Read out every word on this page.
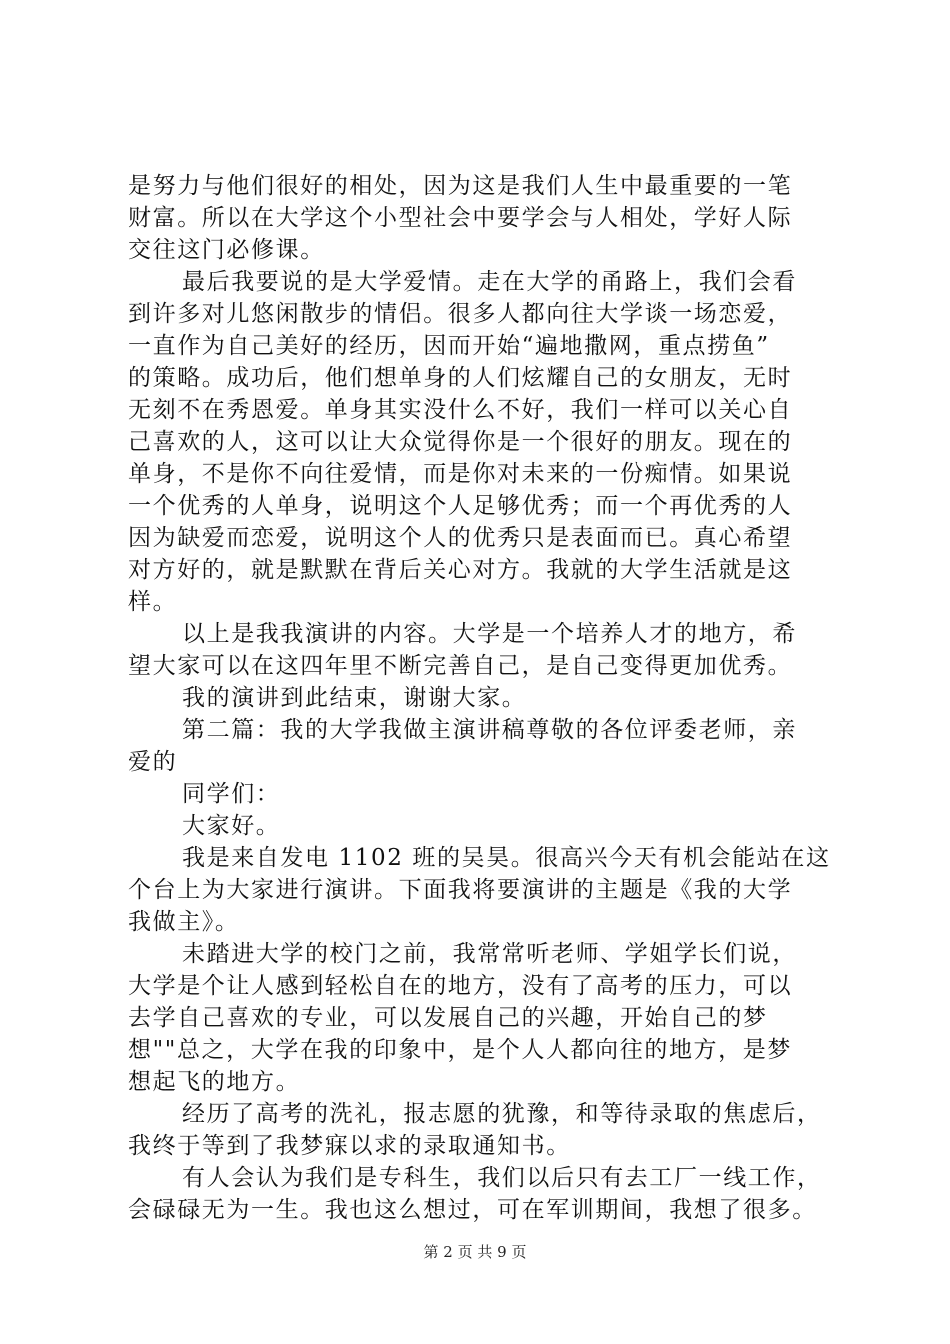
是努力与他们很好的相处，因为这是我们人生中最重要的一笔
财富。所以在大学这个小型社会中要学会与人相处，学好人际
交往这门必修课。
最后我要说的是大学爱情。走在大学的甬路上，我们会看
到许多对儿悠闲散步的情侣。很多人都向往大学谈一场恋爱，
一直作为自己美好的经历，因而开始“遍地撒网，重点捞鱼”
的策略。成功后，他们想单身的人们炫耀自己的女朋友，无时
无刻不在秀恩爱。单身其实没什么不好，我们一样可以关心自
己喜欢的人，这可以让大众觉得你是一个很好的朋友。现在的
单身，不是你不向往爱情，而是你对未来的一份痴情。如果说
一个优秀的人单身，说明这个人足够优秀；而一个再优秀的人
因为缺爱而恋爱，说明这个人的优秀只是表面而已。真心希望
对方好的，就是默默在背后关心对方。我就的大学生活就是这
样。
以上是我我演讲的内容。大学是一个培养人才的地方，希
望大家可以在这四年里不断完善自己，是自己变得更加优秀。
我的演讲到此结束，谢谢大家。
第二篇：我的大学我做主演讲稿尊敬的各位评委老师，亲
爱的
同学们：
大家好。
我是来自发电 1102 班的吴昊。很高兴今天有机会能站在这
个台上为大家进行演讲。下面我将要演讲的主题是《我的大学
我做主》。
未踏进大学的校门之前，我常常听老师、学姐学长们说，
大学是个让人感到轻松自在的地方，没有了高考的压力，可以
去学自己喜欢的专业，可以发展自己的兴趣，开始自己的梦
想""总之，大学在我的印象中，是个人人都向往的地方，是梦
想起飞的地方。
经历了高考的洗礼，报志愿的犹豫，和等待录取的焦虑后，
我终于等到了我梦寐以求的录取通知书。
有人会认为我们是专科生，我们以后只有去工厂一线工作，
会碌碌无为一生。我也这么想过，可在军训期间，我想了很多。
第 2 页 共 9 页
